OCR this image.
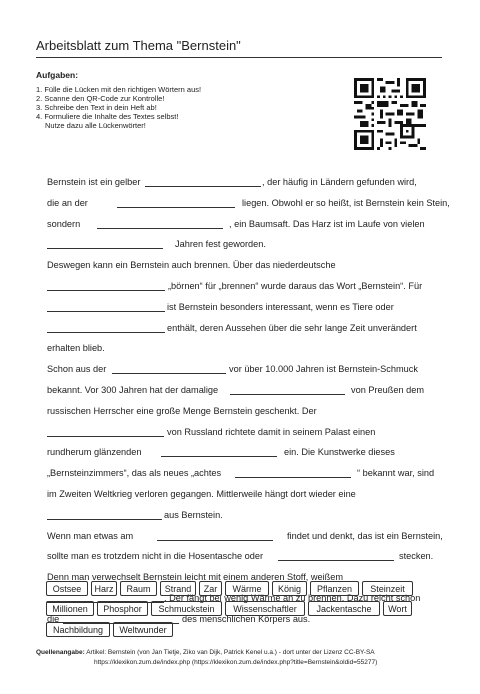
Arbeitsblatt zum Thema "Bernstein"
Aufgaben:
1. Fülle die Lücken mit den richtigen Wörtern aus!
2. Scanne den QR-Code zur Kontrolle!
3. Schreibe den Text in dein Heft ab!
4. Formuliere die Inhalte des Textes selbst!
Nutze dazu alle Lückenwörter!
Bernstein ist ein gelber	, der häufig in Ländern gefunden wird,
die an der	liegen. Obwohl er so heißt, ist Bernstein kein Stein,
sondern	, ein Baumsaft. Das Harz ist im Laufe von vielen
Jahren fest geworden.
Deswegen kann ein Bernstein auch brennen. Über das niederdeutsche
„börnen“ für „brennen“ wurde daraus das Wort „Bernstein“. Für
ist Bernstein besonders interessant, wenn es Tiere oder
enthält, deren Aussehen über die sehr lange Zeit unverändert
erhalten blieb.
Schon aus der	vor über 10.000 Jahren ist Bernstein-Schmuck
bekannt. Vor 300 Jahren hat der damalige	von Preußen dem
russischen Herrscher eine große Menge Bernstein geschenkt. Der
von Russland richtete damit in seinem Palast einen
rundherum glänzenden	ein. Die Kunstwerke dieses
„Bernsteinzimmers“, das als neues „achtes	“ bekannt war, sind
im Zweiten Weltkrieg verloren gegangen. Mittlerweile hängt dort wieder eine
aus Bernstein.
Wenn man etwas am	findet und denkt, das ist ein Bernstein,
sollte man es trotzdem nicht in die Hosentasche oder	stecken.
Denn man verwechselt Bernstein leicht mit einem anderen Stoff, weißem
. Der fängt bei wenig Wärme an zu brennen. Dazu reicht schon
die	des menschlichen Körpers aus.
Ostsee	Harz	Raum	Strand	Zar	Wärme	König	Pflanzen	Steinzeit
Millionen	Phosphor	Schmuckstein	Wissenschaftler	Jackentasche	Wort
Nachbildung	Weltwunder
Quellenangabe: Artikel: Bernstein (von Jan Tietje, Ziko van Dijk, Patrick Kenel u.a.) - dort unter der Lizenz CC-BY-SA
https://klexikon.zum.de/index.php (https://klexikon.zum.de/index.php?title=Bernstein&oldid=55277)
